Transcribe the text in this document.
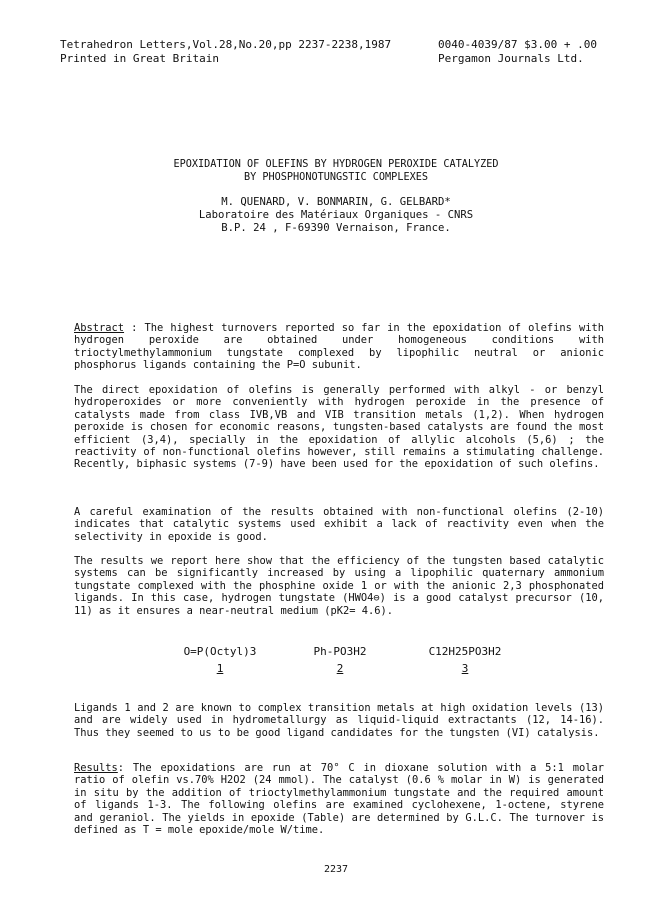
Tetrahedron Letters,Vol.28,No.20,pp 2237-2238,1987
Printed in Great Britain
0040-4039/87 $3.00 + .00
Pergamon Journals Ltd.
EPOXIDATION OF OLEFINS BY HYDROGEN PEROXIDE CATALYZED
BY PHOSPHONOTUNGSTIC COMPLEXES
M. QUENARD, V. BONMARIN, G. GELBARD*
Laboratoire des Matériaux Organiques - CNRS
B.P. 24 , F-69390 Vernaison, France.
Abstract : The highest turnovers reported so far in the epoxidation of olefins with hydrogen peroxide are obtained under homogeneous conditions with trioctylmethylammonium tungstate complexed by lipophilic neutral or anionic phosphorus ligands containing the P=O subunit.
The direct epoxidation of olefins is generally performed with alkyl - or benzyl hydroperoxides or more conveniently with hydrogen peroxide in the presence of catalysts made from class IVB,VB and VIB transition metals (1,2). When hydrogen peroxide is chosen for economic reasons, tungsten-based catalysts are found the most efficient (3,4), specially in the epoxidation of allylic alcohols (5,6) ; the reactivity of non-functional olefins however, still remains a stimulating challenge. Recently, biphasic systems (7-9) have been used for the epoxidation of such olefins.
A careful examination of the results obtained with non-functional olefins (2-10) indicates that catalytic systems used exhibit a lack of reactivity even when the selectivity in epoxide is good.
The results we report here show that the efficiency of the tungsten based catalytic systems can be significantly increased by using a lipophilic quaternary ammonium tungstate complexed with the phosphine oxide 1 or with the anionic 2,3 phosphonated ligands. In this case, hydrogen tungstate (HWO4⊖) is a good catalyst precursor (10, 11) as it ensures a near-neutral medium (pK2= 4.6).
O=P(Octyl)3
1
Ph-PO3H2
2
C12H25PO3H2
3
Ligands 1 and 2 are known to complex transition metals at high oxidation levels (13) and are widely used in hydrometallurgy as liquid-liquid extractants (12, 14-16). Thus they seemed to us to be good ligand candidates for the tungsten (VI) catalysis.
Results: The epoxidations are run at 70° C in dioxane solution with a 5:1 molar ratio of olefin vs.70% H2O2 (24 mmol). The catalyst (0.6 % molar in W) is generated in situ by the addition of trioctylmethylammonium tungstate and the required amount of ligands 1-3. The following olefins are examined cyclohexene, 1-octene, styrene and geraniol. The yields in epoxide (Table) are determined by G.L.C. The turnover is defined as T = mole epoxide/mole W/time.
2237
